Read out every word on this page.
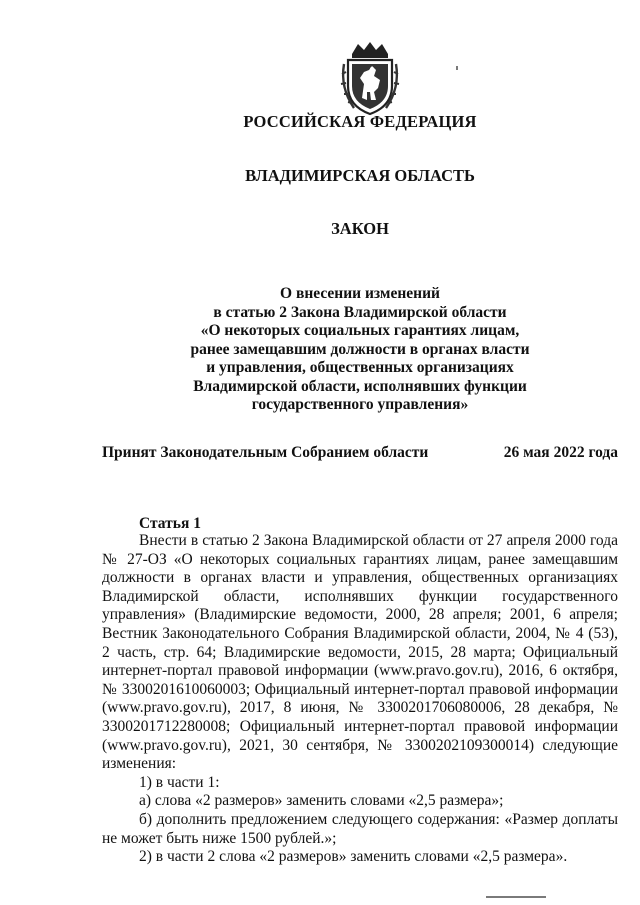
РОССИЙСКАЯ ФЕДЕРАЦИЯ
ВЛАДИМИРСКАЯ ОБЛАСТЬ
ЗАКОН
О внесении изменений
в статью 2 Закона Владимирской области
«О некоторых социальных гарантиях лицам,
ранее замещавшим должности в органах власти
и управления, общественных организациях
Владимирской области, исполнявших функции
государственного управления»
Принят Законодательным Собранием области	26 мая 2022 года
Статья 1

Внести в статью 2 Закона Владимирской области от 27 апреля 2000 года № 27-ОЗ «О некоторых социальных гарантиях лицам, ранее замещавшим должности в органах власти и управления, общественных организациях Владимирской области, исполнявших функции государственного управления» (Владимирские ведомости, 2000, 28 апреля; 2001, 6 апреля; Вестник Законодательного Собрания Владимирской области, 2004, № 4 (53), 2 часть, стр. 64; Владимирские ведомости, 2015, 28 марта; Официальный интернет-портал правовой информации (www.pravo.gov.ru), 2016, 6 октября, № 3300201610060003; Официальный интернет-портал правовой информации (www.pravo.gov.ru), 2017, 8 июня, № 3300201706080006, 28 декабря, № 3300201712280008; Официальный интернет-портал правовой информации (www.pravo.gov.ru), 2021, 30 сентября, № 3300202109300014) следующие изменения:

1) в части 1:

а) слова «2 размеров» заменить словами «2,5 размера»;

б) дополнить предложением следующего содержания: «Размер доплаты не может быть ниже 1500 рублей.»;

2) в части 2 слова «2 размеров» заменить словами «2,5 размера».
